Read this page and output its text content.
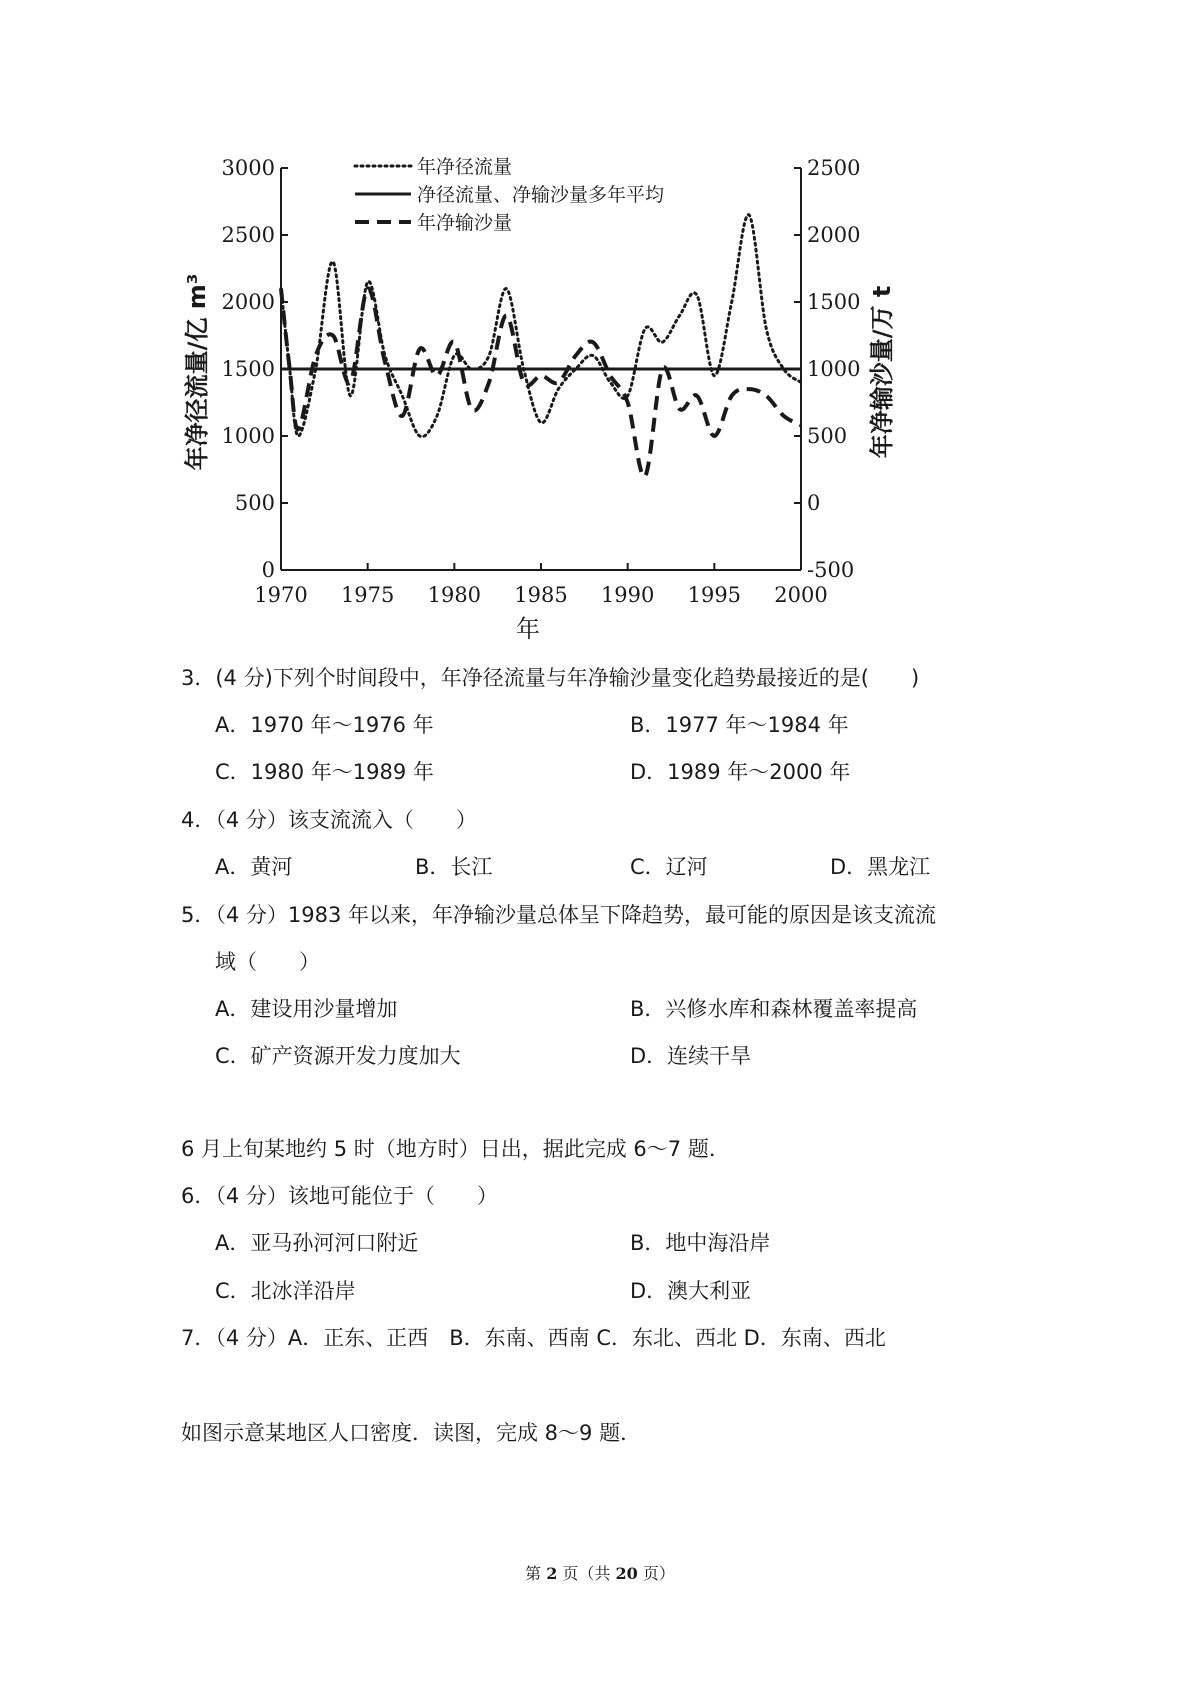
1970 1975 1980 1985 1990 1995 2000
0
500
1000
1500
2000
2500
3000
-500
0
500
1000
1500
2000
2500
年净径流量/亿 m³	年净输沙量/万 t
年
年净径流量
净径流量、净输沙量多年平均
年净输沙量
3．(4 分)下列个时间段中，年净径流量与年净输沙量变化趋势最接近的是(　　)
A．1970 年～1976 年	B．1977 年～1984 年
C．1980 年～1989 年	D．1989 年～2000 年
4．（4 分）该支流流入（　　）
A．黄河	B．长江	C．辽河	D．黑龙江
5．（4 分）1983 年以来，年净输沙量总体呈下降趋势，最可能的原因是该支流流
域（　　）
A．建设用沙量增加	B．兴修水库和森林覆盖率提高
C．矿产资源开发力度加大	D．连续干旱
6 月上旬某地约 5 时（地方时）日出，据此完成 6～7 题．
6．（4 分）该地可能位于（　　）
A．亚马孙河河口附近	B．地中海沿岸
C．北冰洋沿岸	D．澳大利亚
7．（4 分）A．正东、正西　B．东南、西南 C．东北、西北 D．东南、西北
如图示意某地区人口密度．读图，完成 8～9 题．
第 2 页（共 20 页）
